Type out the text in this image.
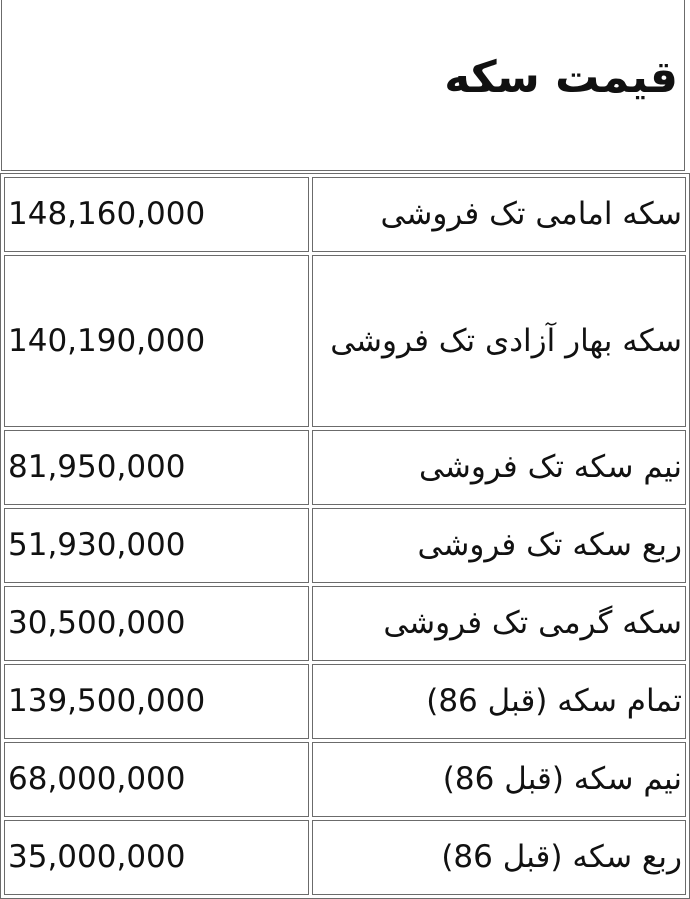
قیمت سکه
سکه امامی تک فروشی	148,160,000
سکه بهار آزادی تک فروشی	140,190,000
نیم سکه تک فروشی	81,950,000
ربع سکه تک فروشی	51,930,000
سکه گرمی تک فروشی	30,500,000
تمام سکه (قبل 86)	139,500,000
نیم سکه (قبل 86)	68,000,000
ربع سکه (قبل 86)	35,000,000
